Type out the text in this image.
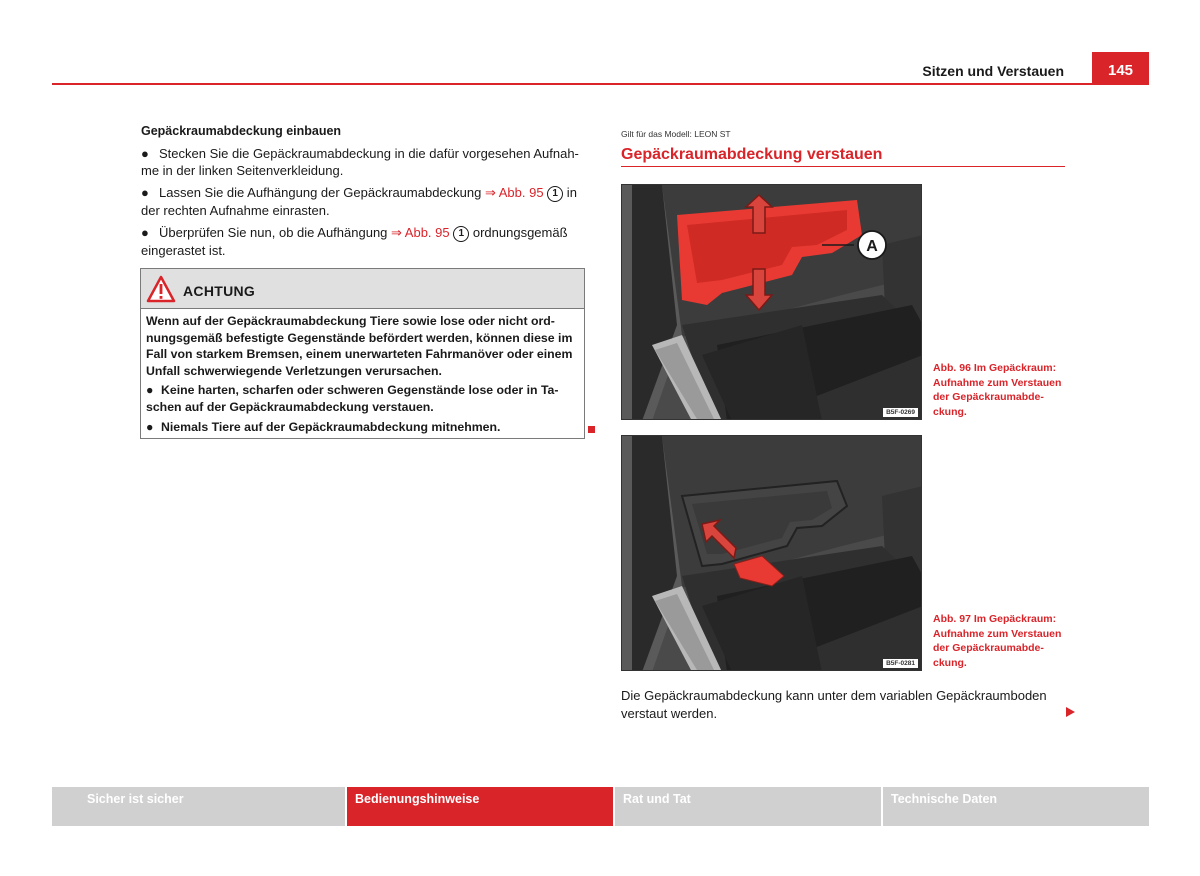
Sitzen und Verstauen	145
Gepäckraumabdeckung einbauen
● Stecken Sie die Gepäckraumabdeckung in die dafür vorgesehen Aufnah-me in der linken Seitenverkleidung.
● Lassen Sie die Aufhängung der Gepäckraumabdeckung ⇒ Abb. 95 1 in der rechten Aufnahme einrasten.
● Überprüfen Sie nun, ob die Aufhängung ⇒ Abb. 95 1 ordnungsgemäß eingerastet ist.
ACHTUNG

Wenn auf der Gepäckraumabdeckung Tiere sowie lose oder nicht ord-nungsgemäß befestigte Gegenstände befördert werden, können diese im Fall von starkem Bremsen, einem unerwarteten Fahrmanöver oder einem Unfall schwerwiegende Verletzungen verursachen.

● Keine harten, scharfen oder schweren Gegenstände lose oder in Ta-schen auf der Gepäckraumabdeckung verstauen.
● Niemals Tiere auf der Gepäckraumabdeckung mitnehmen.
Gilt für das Modell: LEON ST
Gepäckraumabdeckung verstauen
A
B5F-0269
Abb. 96 Im Gepäckraum: Aufnahme zum Verstauen der Gepäckraumabde-ckung.
B5F-0281
Abb. 97 Im Gepäckraum: Aufnahme zum Verstauen der Gepäckraumabde-ckung.

Die Gepäckraumabdeckung kann unter dem variablen Gepäckraumboden verstaut werden.

Sicher ist sicher	Bedienungshinweise	Rat und Tat	Technische Daten
